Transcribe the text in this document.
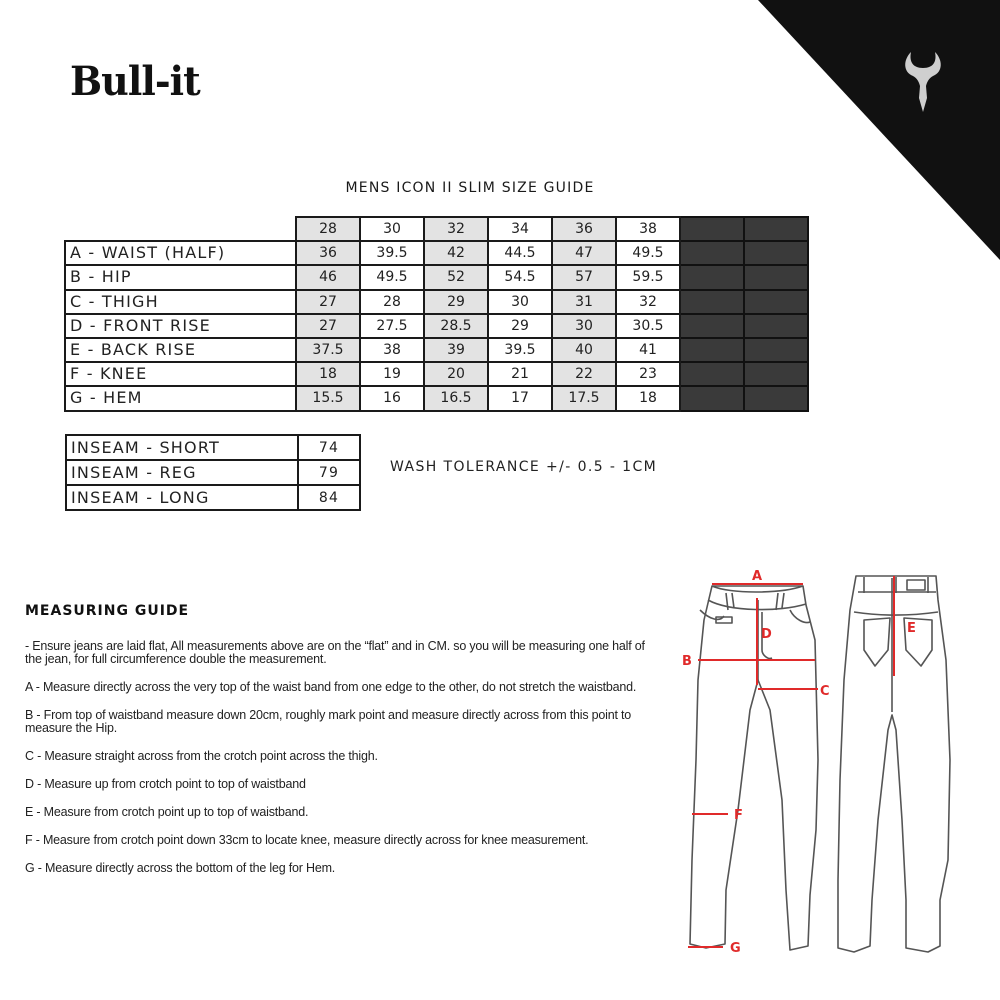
Bull-it
MENS ICON II SLIM SIZE GUIDE
	28	30	32	34	36	38		
A - WAIST (HALF)	36	39.5	42	44.5	47	49.5		
B - HIP	46	49.5	52	54.5	57	59.5		
C - THIGH	27	28	29	30	31	32		
D - FRONT RISE	27	27.5	28.5	29	30	30.5		
E - BACK RISE	37.5	38	39	39.5	40	41		
F - KNEE	18	19	20	21	22	23		
G - HEM	15.5	16	16.5	17	17.5	18		
INSEAM - SHORT	74
INSEAM - REG	79
INSEAM - LONG	84
WASH TOLERANCE +/- 0.5 - 1CM
MEASURING GUIDE

- Ensure jeans are laid flat, All measurements above are on the “flat” and in CM. so you will be measuring one half of the jean, for full circumference double the measurement.

A - Measure directly across the very top of the waist band from one edge to the other, do not stretch the waistband.

B - From top of waistband measure down 20cm, roughly mark point and measure directly across from this point to measure the Hip.

C - Measure straight across from the crotch point across the thigh.

D - Measure up from crotch point to top of waistband

E - Measure from crotch point up to top of waistband.

F - Measure from crotch point down 33cm to locate knee, measure directly across for knee measurement.

G - Measure directly across the bottom of the leg for Hem.

A
D
B
C
E
F
G
